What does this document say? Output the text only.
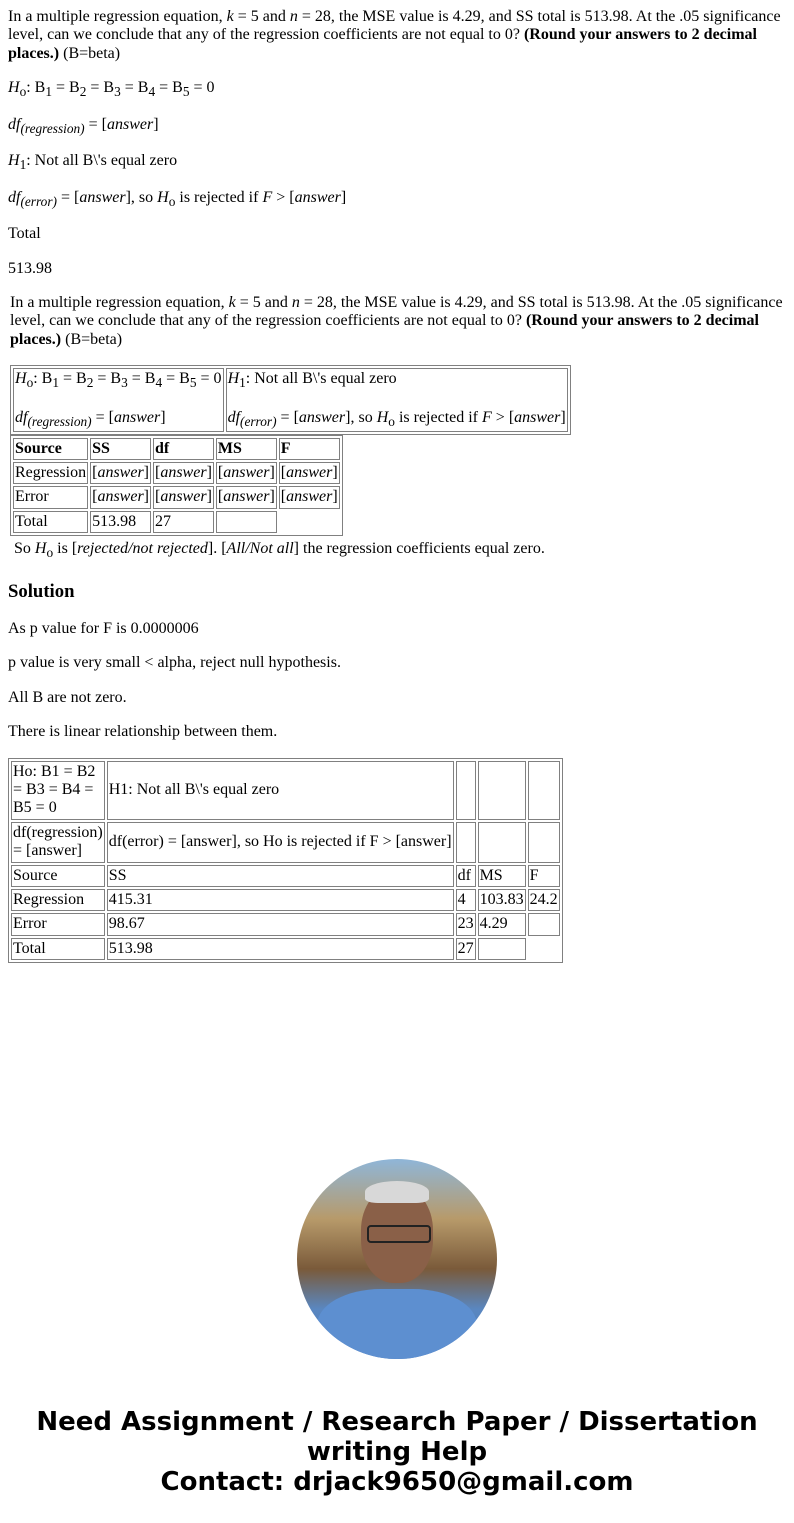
In a multiple regression equation, k = 5 and n = 28, the MSE value is 4.29, and SS total is 513.98. At the .05 significance level, can we conclude that any of the regression coefficients are not equal to 0? (Round your answers to 2 decimal places.) (B=beta)

$H_o$: $B_1 = B_2 = B_3 = B_4 = B_5 = 0$

$df_{(regression)}$ = [answer]

$H_1$: Not all B\'s equal zero

$df_{(error)}$ = [answer], so $H_o$ is rejected if F > [answer]

Total

513.98

In a multiple regression equation, k = 5 and n = 28, the MSE value is 4.29, and SS total is 513.98. At the .05 significance level, can we conclude that any of the regression coefficients are not equal to 0? (Round your answers to 2 decimal places.) (B=beta)

$H_o$: $B_1 = B_2 = B_3 = B_4 = B_5 = 0$

$df_{(regression)}$ = [answer]	$H_1$: Not all B\'s equal zero

$df_{(error)}$ = [answer], so $H_o$ is rejected if F > [answer]
Source	SS	df	MS	F
Regression	[answer]	[answer]	[answer]	[answer]
Error	[answer]	[answer]	[answer]	[answer]
Total	513.98	27		
So $H_o$ is [rejected/not rejected]. [All/Not all] the regression coefficients equal zero.
Solution

As p value for F is 0.0000006

p value is very small < alpha, reject null hypothesis.

All B are not zero.

There is linear relationship between them.

Ho: B1 = B2 = B3 = B4 = B5 = 0	H1: Not all B\'s equal zero			
df(regression) = [answer]	df(error) = [answer], so Ho is rejected if F > [answer]			
Source	SS	df	MS	F
Regression	415.31	4	103.83	24.2
Error	98.67	23	4.29	
Total	513.98	27		
Need Assignment / Research Paper / Dissertation writing Help
Contact: drjack9650@gmail.com
